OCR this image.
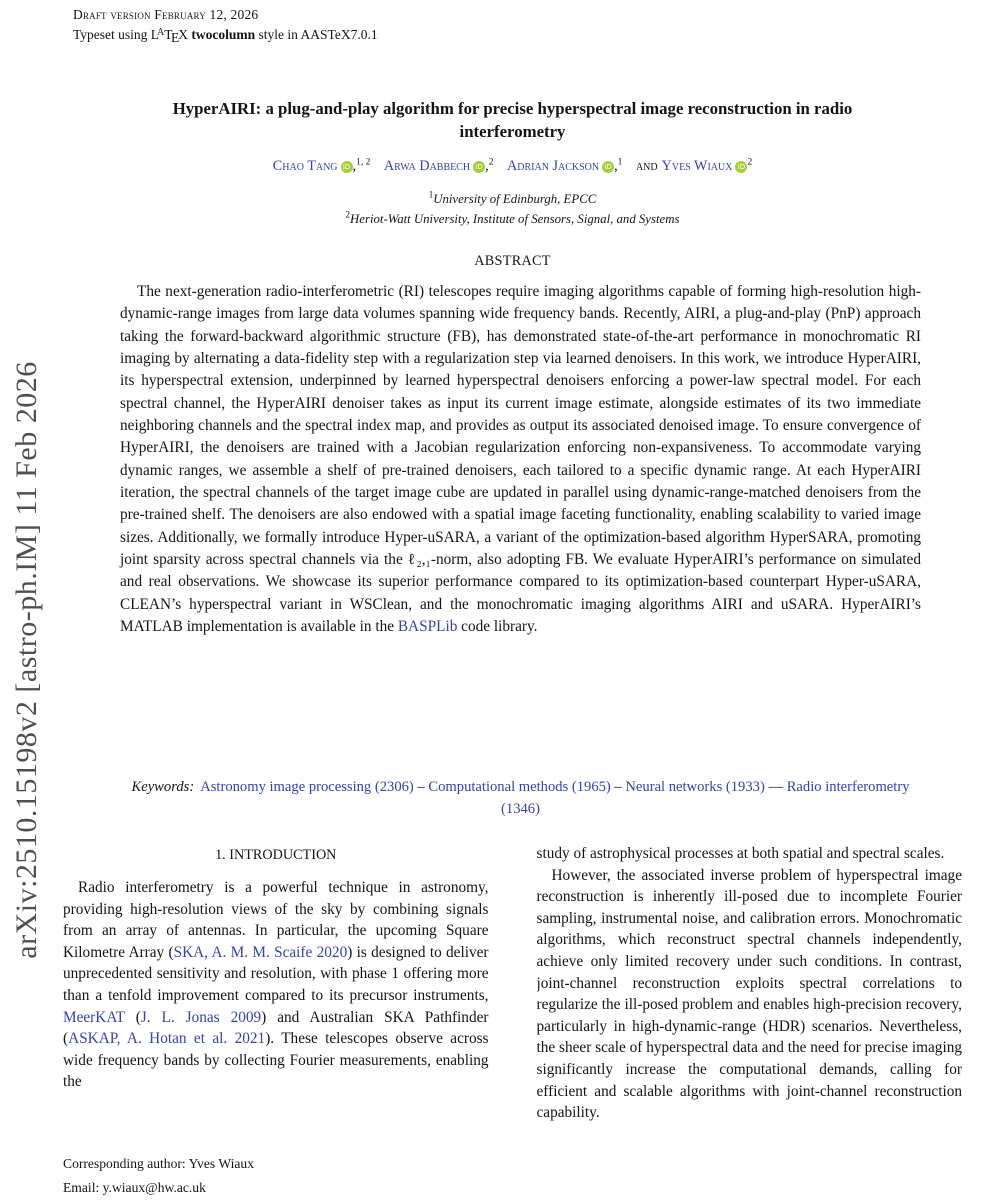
Draft version February 12, 2026
Typeset using $L^ATEX$ twocolumn style in AASTeX7.0.1
arXiv:2510.15198v2 [astro-ph.IM] 11 Feb 2026
HyperAIRI: a plug-and-play algorithm for precise hyperspectral image reconstruction in radio interferometry
Chao Tang iD ,$^{1, 2}$ Arwa Dabbech iD ,$^2$ Adrian Jackson iD ,$^1$ and Yves Wiaux iD $^2$
$^1$University of Edinburgh, EPCC
$^2$Heriot-Watt University, Institute of Sensors, Signal, and Systems
ABSTRACT
The next-generation radio-interferometric (RI) telescopes require imaging algorithms capable of forming high-resolution high-dynamic-range images from large data volumes spanning wide frequency bands. Recently, AIRI, a plug-and-play (PnP) approach taking the forward-backward algorithmic structure (FB), has demonstrated state-of-the-art performance in monochromatic RI imaging by alternating a data-fidelity step with a regularization step via learned denoisers. In this work, we introduce HyperAIRI, its hyperspectral extension, underpinned by learned hyperspectral denoisers enforcing a power-law spectral model. For each spectral channel, the HyperAIRI denoiser takes as input its current image estimate, alongside estimates of its two immediate neighboring channels and the spectral index map, and provides as output its associated denoised image. To ensure convergence of HyperAIRI, the denoisers are trained with a Jacobian regularization enforcing non-expansiveness. To accommodate varying dynamic ranges, we assemble a shelf of pre-trained denoisers, each tailored to a specific dynamic range. At each HyperAIRI iteration, the spectral channels of the target image cube are updated in parallel using dynamic-range-matched denoisers from the pre-trained shelf. The denoisers are also endowed with a spatial image faceting functionality, enabling scalability to varied image sizes. Additionally, we formally introduce Hyper-uSARA, a variant of the optimization-based algorithm HyperSARA, promoting joint sparsity across spectral channels via the ℓ₂,₁-norm, also adopting FB. We evaluate HyperAIRI’s performance on simulated and real observations. We showcase its superior performance compared to its optimization-based counterpart Hyper-uSARA, CLEAN’s hyperspectral variant in WSClean, and the monochromatic imaging algorithms AIRI and uSARA. HyperAIRI’s MATLAB implementation is available in the BASPLib code library.
Keywords: Astronomy image processing (2306) – Computational methods (1965) – Neural networks (1933) — Radio interferometry (1346)
1. INTRODUCTION

Radio interferometry is a powerful technique in astronomy, providing high-resolution views of the sky by combining signals from an array of antennas. In particular, the upcoming Square Kilometre Array (SKA, A. M. M. Scaife 2020) is designed to deliver unprecedented sensitivity and resolution, with phase 1 offering more than a tenfold improvement compared to its precursor instruments, MeerKAT (J. L. Jonas 2009) and Australian SKA Pathfinder (ASKAP, A. Hotan et al. 2021). These telescopes observe across wide frequency bands by collecting Fourier measurements, enabling the

study of astrophysical processes at both spatial and spectral scales.

However, the associated inverse problem of hyperspectral image reconstruction is inherently ill-posed due to incomplete Fourier sampling, instrumental noise, and calibration errors. Monochromatic algorithms, which reconstruct spectral channels independently, achieve only limited recovery under such conditions. In contrast, joint-channel reconstruction exploits spectral correlations to regularize the ill-posed problem and enables high-precision recovery, particularly in high-dynamic-range (HDR) scenarios. Nevertheless, the sheer scale of hyperspectral data and the need for precise imaging significantly increase the computational demands, calling for efficient and scalable algorithms with joint-channel reconstruction capability.

Corresponding author: Yves Wiaux
Email: y.wiaux@hw.ac.uk
